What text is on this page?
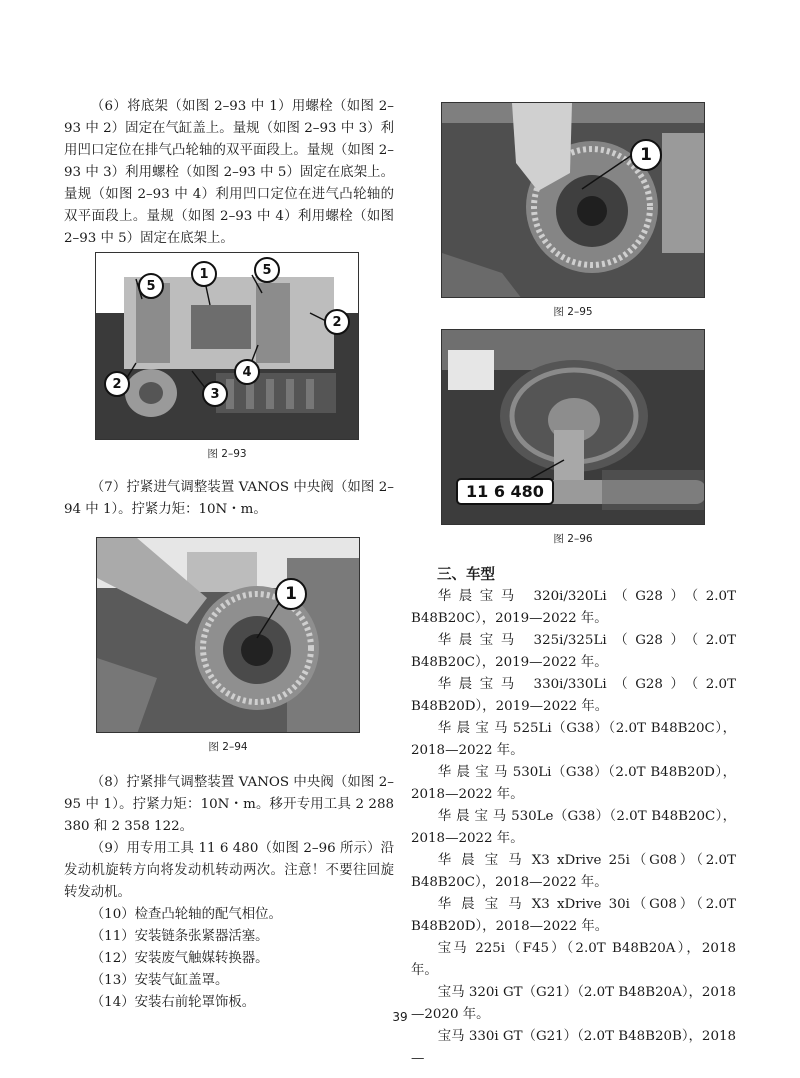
（6）将底架（如图 2–93 中 1）用螺栓（如图 2–93 中 2）固定在气缸盖上。量规（如图 2–93 中 3）利用凹口定位在排气凸轮轴的双平面段上。量规（如图 2–93 中 3）利用螺栓（如图 2–93 中 5）固定在底架上。量规（如图 2–93 中 4）利用凹口定位在进气凸轮轴的双平面段上。量规（如图 2–93 中 4）利用螺栓（如图 2–93 中 5）固定在底架上。

5
1	5
2
2
3
4
图 2–93

（7）拧紧进气调整装置 VANOS 中央阀（如图 2–94 中 1）。拧紧力矩：10N・m。

1
图 2–94

（8）拧紧排气调整装置 VANOS 中央阀（如图 2–95 中 1）。拧紧力矩：10N・m。移开专用工具 2 288 380 和 2 358 122。

（9）用专用工具 11 6 480（如图 2–96 所示）沿发动机旋转方向将发动机转动两次。注意！不要往回旋转发动机。

（10）检查凸轮轴的配气相位。

（11）安装链条张紧器活塞。

（12）安装废气触媒转换器。

（13）安装气缸盖罩。

（14）安装右前轮罩饰板。

1
图 2–95
11 6 480
图 2–96
三、车型

华晨宝马 320i/320Li（G28）（2.0T B48B20C），2019—2022 年。

华晨宝马 325i/325Li（G28）（2.0T B48B20C），2019—2022 年。

华晨宝马 330i/330Li（G28）（2.0T B48B20D），2019—2022 年。

华 晨 宝 马 525Li（G38）（2.0T B48B20C），2018—2022 年。

华 晨 宝 马 530Li（G38）（2.0T B48B20D），2018—2022 年。

华 晨 宝 马 530Le（G38）（2.0T B48B20C），2018—2022 年。

华 晨 宝 马 X3 xDrive 25i（G08）（2.0T B48B20C），2018—2022 年。

华 晨 宝 马 X3 xDrive 30i（G08）（2.0T B48B20D），2018—2022 年。

宝马 225i（F45）（2.0T B48B20A），2018 年。

宝马 320i GT（G21）（2.0T B48B20A），2018—2020 年。

宝马 330i GT（G21）（2.0T B48B20B），2018—

39
